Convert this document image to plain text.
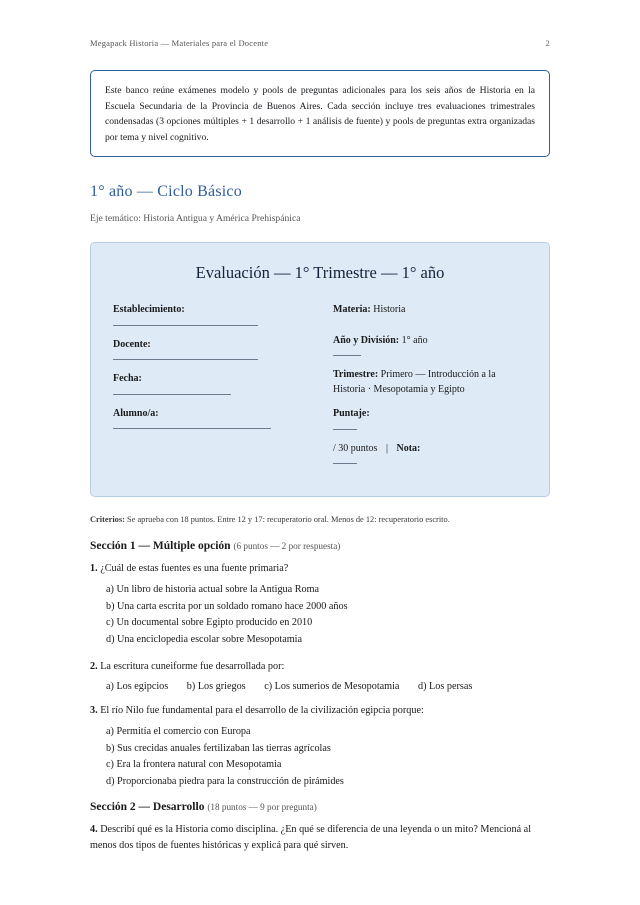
Megapack Historia — Materiales para el Docente	2
Este banco reúne exámenes modelo y pools de preguntas adicionales para los seis años de Historia en la Escuela Secundaria de la Provincia de Buenos Aires. Cada sección incluye tres evaluaciones trimestrales condensadas (3 opciones múltiples + 1 desarrollo + 1 análisis de fuente) y pools de preguntas extra organizadas por tema y nivel cognitivo.
1° año — Ciclo Básico

Eje temático: Historia Antigua y América Prehispánica

Evaluación — 1° Trimestre — 1° año
Establecimiento:
Docente:
Fecha:
Alumno/a:
Materia: Historia
Año y División: 1° año
Trimestre: Primero — Introducción a la Historia · Mesopotamia y Egipto
Puntaje:
/ 30 puntos | Nota:

Criterios: Se aprueba con 18 puntos. Entre 12 y 17: recuperatorio oral. Menos de 12: recuperatorio escrito.

Sección 1 — Múltiple opción (6 puntos — 2 por respuesta)

1. ¿Cuál de estas fuentes es una fuente primaria?

a) Un libro de historia actual sobre la Antigua Roma
b) Una carta escrita por un soldado romano hace 2000 años
c) Un documental sobre Egipto producido en 2010
d) Una enciclopedia escolar sobre Mesopotamia

2. La escritura cuneiforme fue desarrollada por:

a) Los egipcios b) Los griegos c) Los sumerios de Mesopotamia d) Los persas

3. El río Nilo fue fundamental para el desarrollo de la civilización egipcia porque:

a) Permitía el comercio con Europa
b) Sus crecidas anuales fertilizaban las tierras agrícolas
c) Era la frontera natural con Mesopotamia
d) Proporcionaba piedra para la construcción de pirámides
Sección 2 — Desarrollo (18 puntos — 9 por pregunta)

4. Describí qué es la Historia como disciplina. ¿En qué se diferencia de una leyenda o un mito? Mencioná al menos dos tipos de fuentes históricas y explicá para qué sirven.
